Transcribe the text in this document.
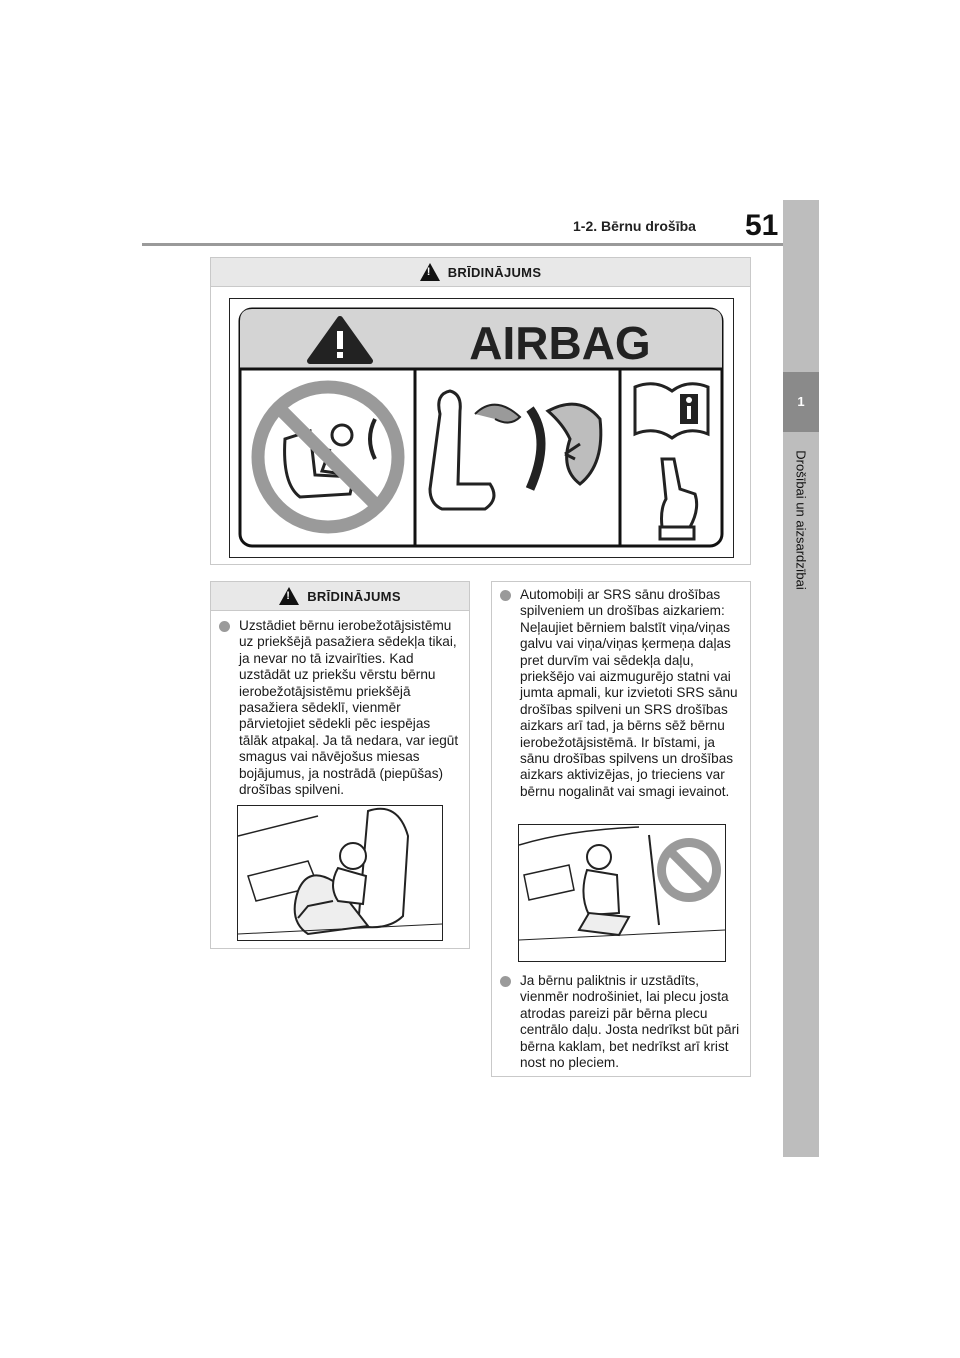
1-2. Bērnu drošība 51
1
Drošībai un aizsardzībai
!
BRĪDINĀJUMS
AIRBAG
!
BRĪDINĀJUMS
Uzstādiet bērnu ierobežotājsistēmu uz priekšējā pasažiera sēdekļa tikai, ja nevar no tā izvairīties. Kad uzstādāt uz priekšu vērstu bērnu ierobežotājsistēmu priekšējā pasažiera sēdeklī, vienmēr pārvietojiet sēdekli pēc iespējas tālāk atpakaļ. Ja tā nedara, var iegūt smagus vai nāvējošus miesas bojājumus, ja nostrādā (piepūšas) drošības spilveni.
Automobiļi ar SRS sānu drošības spilveniem un drošības aizkariem: Neļaujiet bērniem balstīt viņa/viņas galvu vai viņa/viņas ķermeņa daļas pret durvīm vai sēdekļa daļu, priekšējo vai aizmugurējo statni vai jumta apmali, kur izvietoti SRS sānu drošības spilveni un SRS drošības aizkars arī tad, ja bērns sēž bērnu ierobežotājsistēmā. Ir bīstami, ja sānu drošības spilvens un drošības aizkars aktivizējas, jo trieciens var bērnu nogalināt vai smagi ievainot.
Ja bērnu paliktnis ir uzstādīts, vienmēr nodrošiniet, lai plecu josta atrodas pareizi pār bērna plecu centrālo daļu. Josta nedrīkst būt pāri bērna kaklam, bet nedrīkst arī krist nost no pleciem.
